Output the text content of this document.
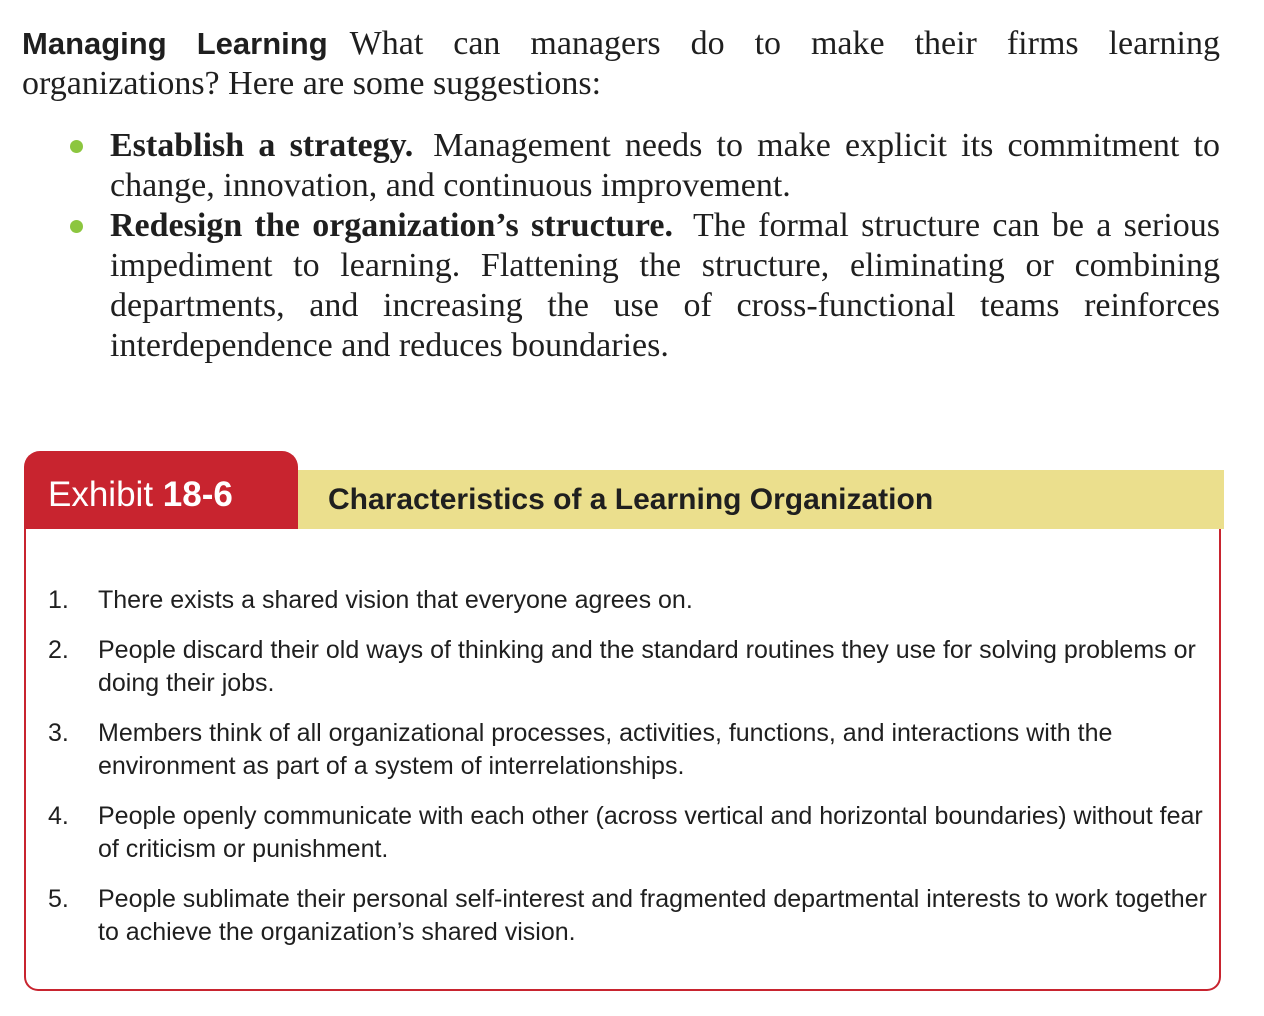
Managing Learning What can managers do to make their firms learning organizations? Here are some suggestions:

Establish a strategy. Management needs to make explicit its commitment to change, innovation, and continuous improvement.
Redesign the organization’s structure. The formal structure can be a serious impediment to learning. Flattening the structure, eliminating or combining departments, and increasing the use of cross-functional teams reinforces interdependence and reduces boundaries.
Exhibit 18-6	Characteristics of a Learning Organization
1. There exists a shared vision that everyone agrees on.
2. People discard their old ways of thinking and the standard routines they use for solving problems or doing their jobs.
3. Members think of all organizational processes, activities, functions, and interactions with the environment as part of a system of interrelationships.
4. People openly communicate with each other (across vertical and horizontal boundaries) without fear of criticism or punishment.
5. People sublimate their personal self-interest and fragmented departmental interests to work together to achieve the organization’s shared vision.
